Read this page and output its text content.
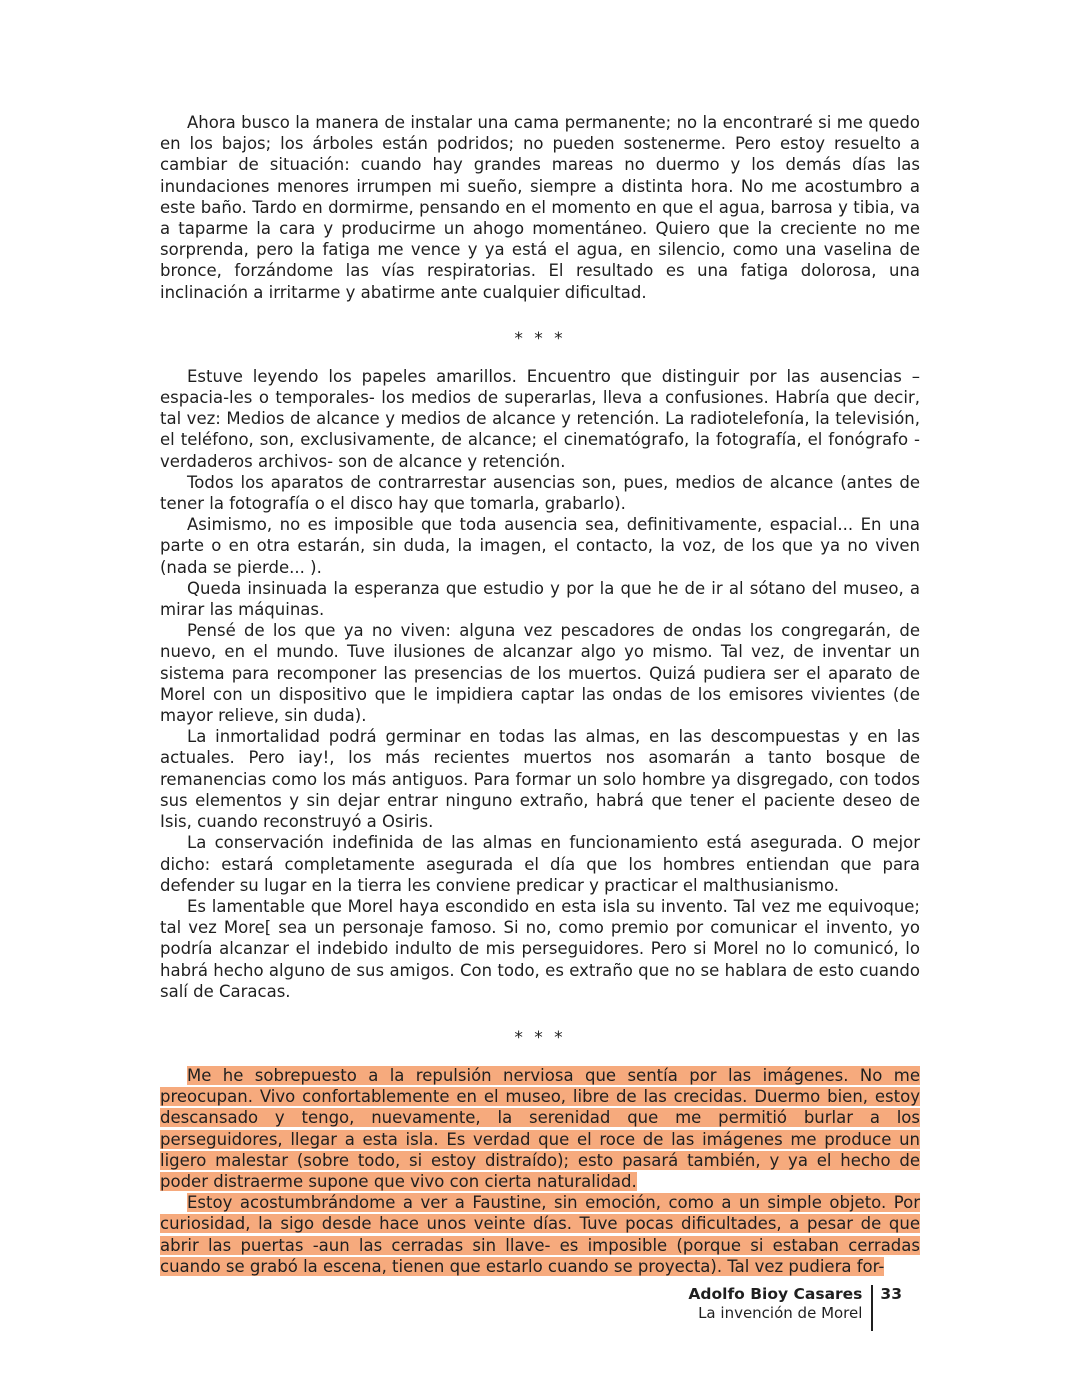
Ahora busco la manera de instalar una cama permanente; no la encontraré si me quedo en los bajos; los árboles están podridos; no pueden sostenerme. Pero estoy resuelto a cambiar de situación: cuando hay grandes mareas no duermo y los demás días las inundaciones menores irrumpen mi sueño, siempre a distinta hora. No me acostumbro a este baño. Tardo en dormirme, pensando en el momento en que el agua, barrosa y tibia, va a taparme la cara y producirme un ahogo momentáneo. Quiero que la creciente no me sorprenda, pero la fatiga me vence y ya está el agua, en silencio, como una vaselina de bronce, forzándome las vías respiratorias. El resultado es una fatiga dolorosa, una inclinación a irritarme y abatirme ante cualquier dificultad.

* * *

Estuve leyendo los papeles amarillos. Encuentro que distinguir por las ausencias – espacia-les o temporales- los medios de superarlas, lleva a confusiones. Habría que decir, tal vez: Medios de alcance y medios de alcance y retención. La radiotelefonía, la televisión, el teléfono, son, exclusivamente, de alcance; el cinematógrafo, la fotografía, el fonógrafo -verdaderos archivos- son de alcance y retención.

Todos los aparatos de contrarrestar ausencias son, pues, medios de alcance (antes de tener la fotografía o el disco hay que tomarla, grabarlo).

Asimismo, no es imposible que toda ausencia sea, definitivamente, espacial... En una parte o en otra estarán, sin duda, la imagen, el contacto, la voz, de los que ya no viven (nada se pierde... ).

Queda insinuada la esperanza que estudio y por la que he de ir al sótano del museo, a mirar las máquinas.

Pensé de los que ya no viven: alguna vez pescadores de ondas los congregarán, de nuevo, en el mundo. Tuve ilusiones de alcanzar algo yo mismo. Tal vez, de inventar un sistema para recomponer las presencias de los muertos. Quizá pudiera ser el aparato de Morel con un dispositivo que le impidiera captar las ondas de los emisores vivientes (de mayor relieve, sin duda).

La inmortalidad podrá germinar en todas las almas, en las descompuestas y en las actuales. Pero iay!, los más recientes muertos nos asomarán a tanto bosque de remanencias como los más antiguos. Para formar un solo hombre ya disgregado, con todos sus elementos y sin dejar entrar ninguno extraño, habrá que tener el paciente deseo de Isis, cuando reconstruyó a Osiris.

La conservación indefinida de las almas en funcionamiento está asegurada. O mejor dicho: estará completamente asegurada el día que los hombres entiendan que para defender su lugar en la tierra les conviene predicar y practicar el malthusianismo.

Es lamentable que Morel haya escondido en esta isla su invento. Tal vez me equivoque; tal vez More[ sea un personaje famoso. Si no, como premio por comunicar el invento, yo podría alcanzar el indebido indulto de mis perseguidores. Pero si Morel no lo comunicó, lo habrá hecho alguno de sus amigos. Con todo, es extraño que no se hablara de esto cuando salí de Caracas.

* * *

Me he sobrepuesto a la repulsión nerviosa que sentía por las imágenes. No me preocupan. Vivo confortablemente en el museo, libre de las crecidas. Duermo bien, estoy descansado y tengo, nuevamente, la serenidad que me permitió burlar a los perseguidores, llegar a esta isla. Es verdad que el roce de las imágenes me produce un ligero malestar (sobre todo, si estoy distraído); esto pasará también, y ya el hecho de poder distraerme supone que vivo con cierta naturalidad.

Estoy acostumbrándome a ver a Faustine, sin emoción, como a un simple objeto. Por curiosidad, la sigo desde hace unos veinte días. Tuve pocas dificultades, a pesar de que abrir las puertas -aun las cerradas sin llave- es imposible (porque si estaban cerradas cuando se grabó la escena, tienen que estarlo cuando se proyecta). Tal vez pudiera for-

Adolfo Bioy Casares
La invención de Morel
33
